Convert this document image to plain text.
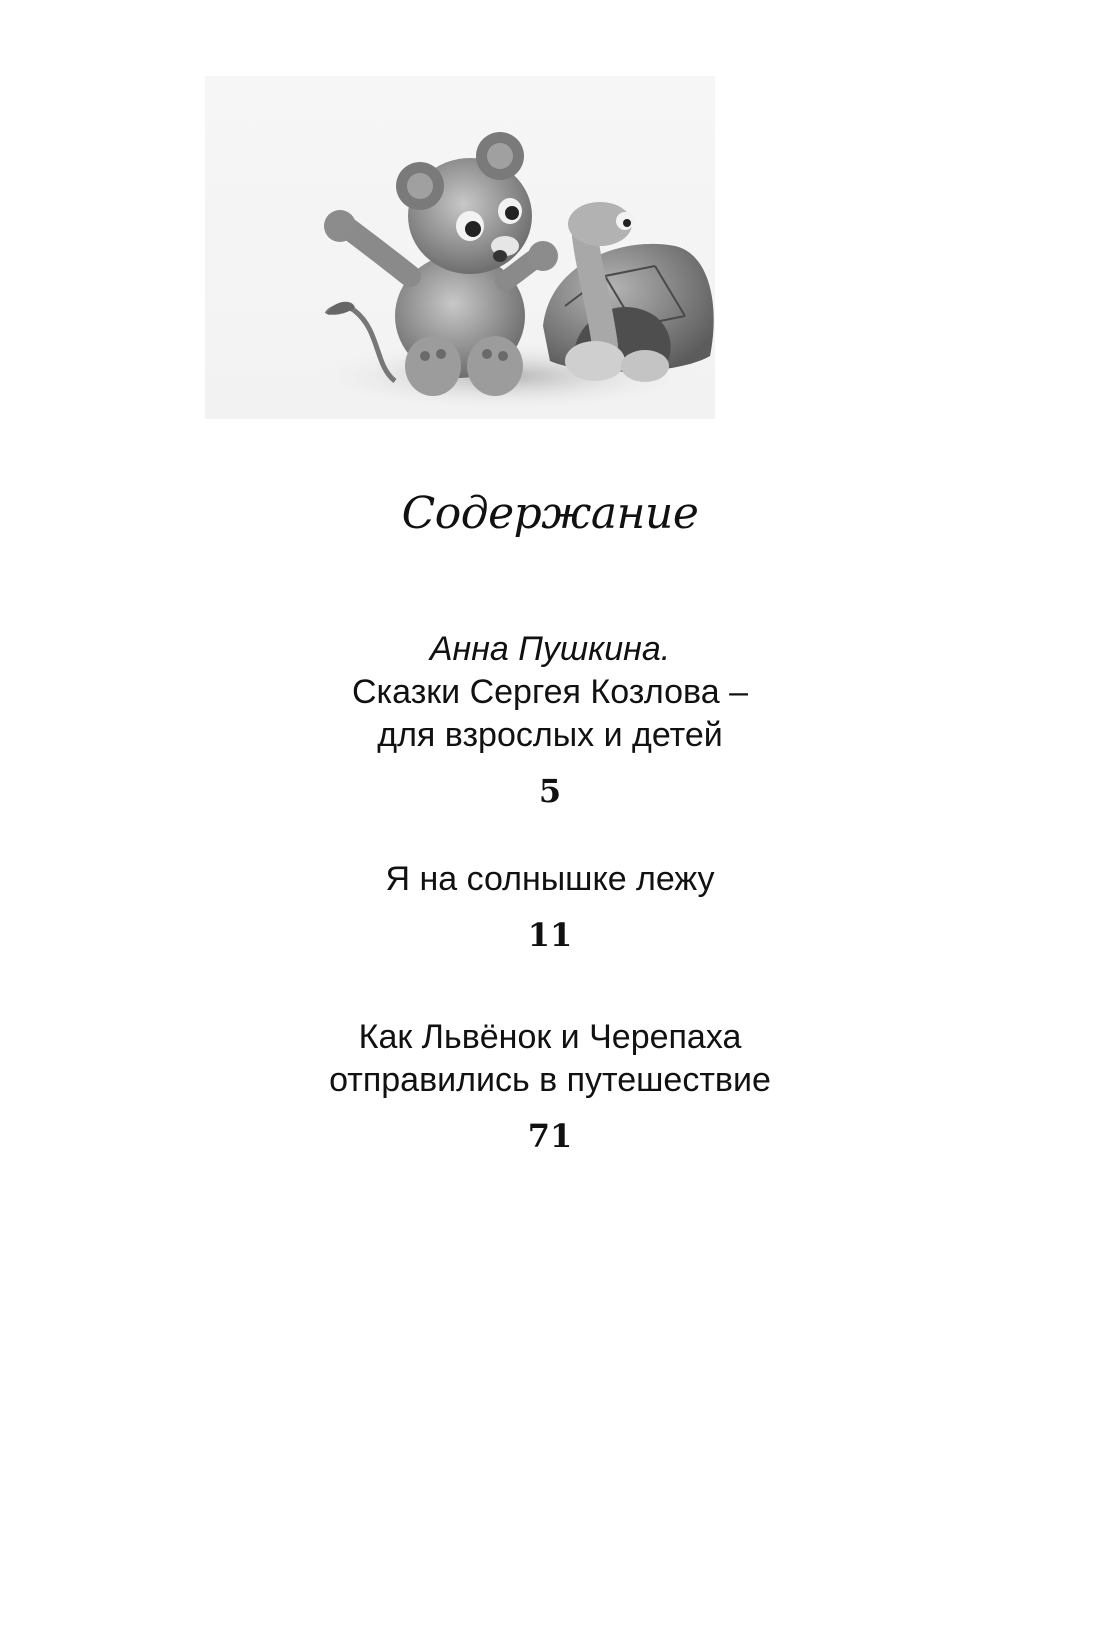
Содержание
Анна Пушкина.
Сказки Сергея Козлова –
для взрослых и детей
5
Я на солнышке лежу
11
Как Львёнок и Черепаха
отправились в путешествие
71
